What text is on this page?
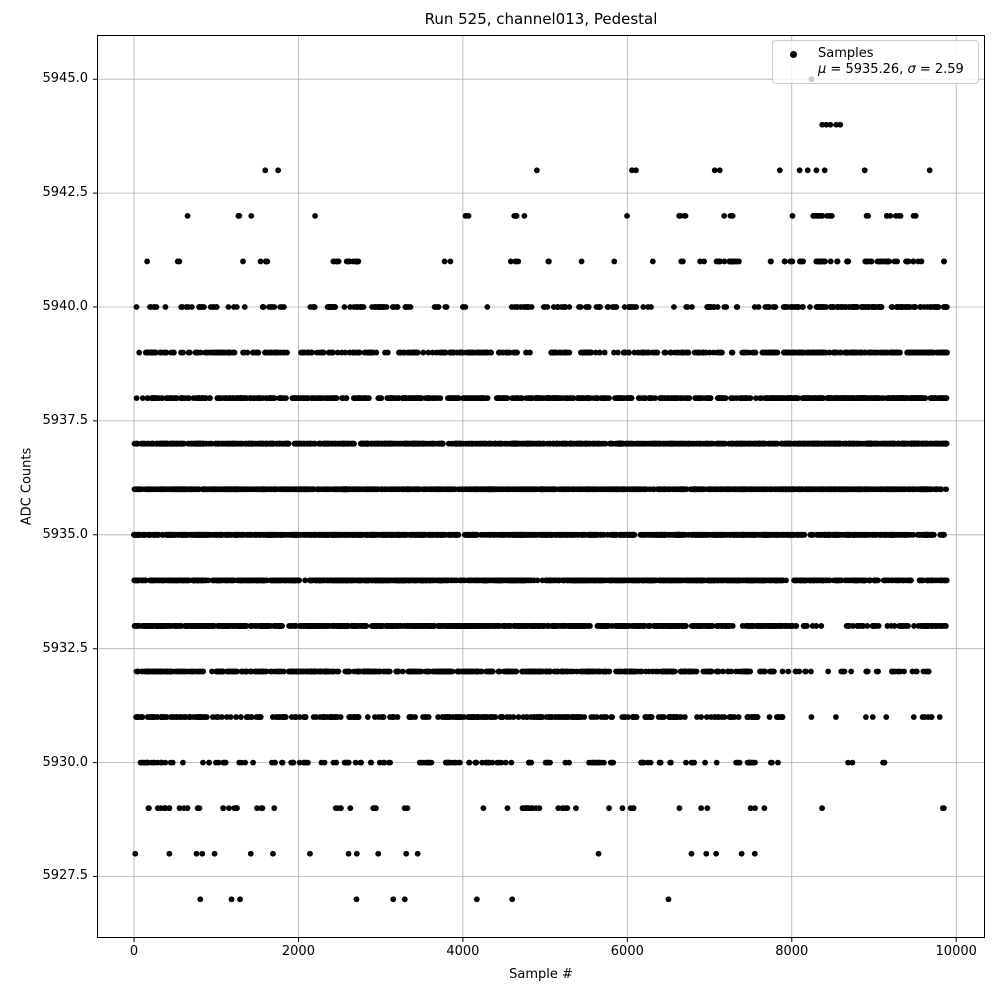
Run 525, channel013, Pedestal
Sample #
ADC Counts
0	2000	4000	6000	8000	10000
5927.5
5930.0
5932.5
5935.0
5937.5
5940.0
5942.5
5945.0
Samples
μ = 5935.26, σ = 2.59
